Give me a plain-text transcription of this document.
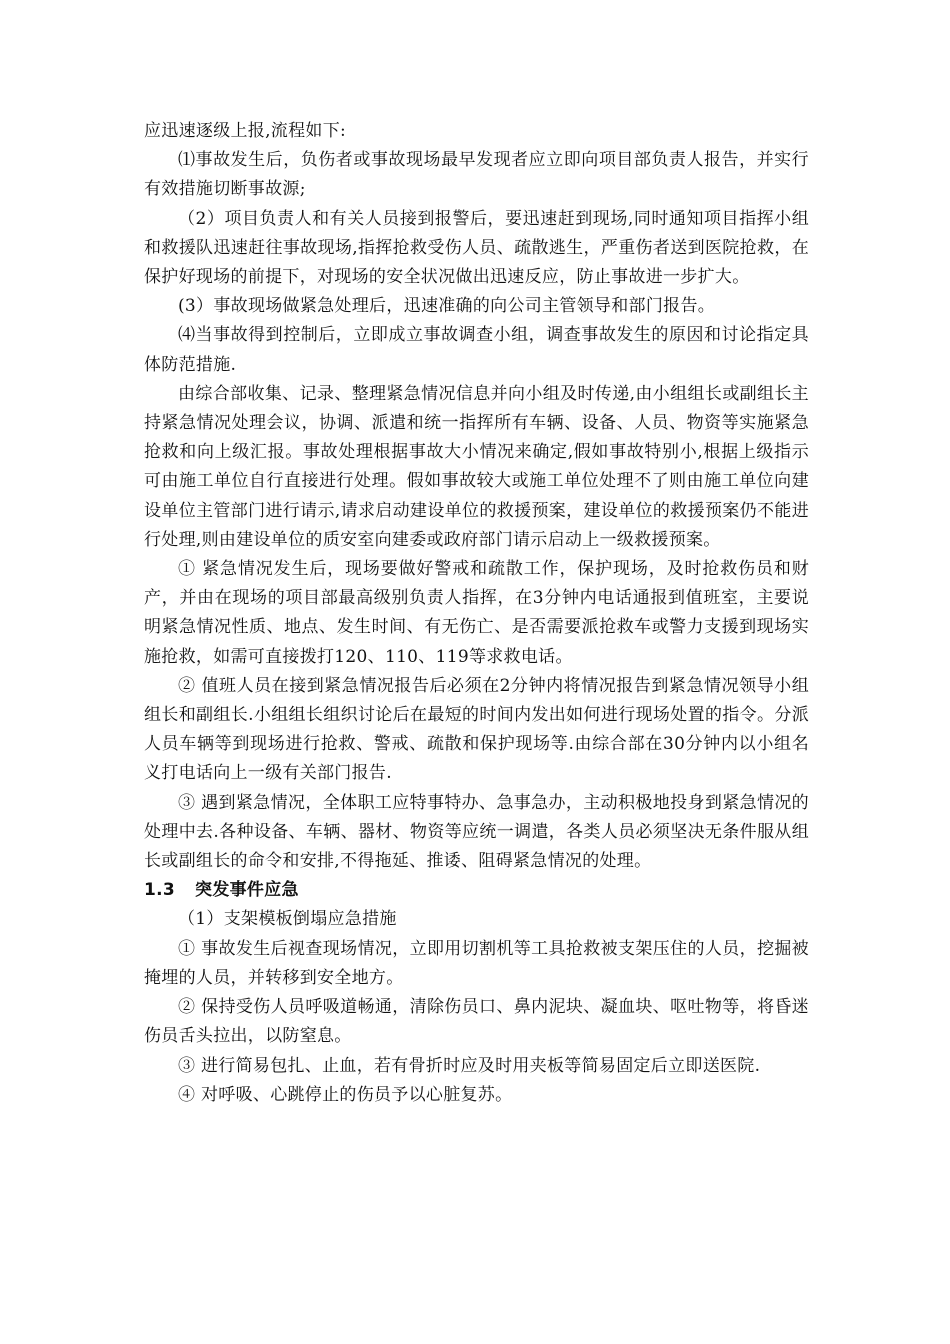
应迅速逐级上报,流程如下:

⑴事故发生后，负伤者或事故现场最早发现者应立即向项目部负责人报告，并实行有效措施切断事故源;

（2）项目负责人和有关人员接到报警后，要迅速赶到现场,同时通知项目指挥小组和救援队迅速赶往事故现场,指挥抢救受伤人员、疏散逃生，严重伤者送到医院抢救，在保护好现场的前提下，对现场的安全状况做出迅速反应，防止事故进一步扩大。

(3）事故现场做紧急处理后，迅速准确的向公司主管领导和部门报告。

⑷当事故得到控制后，立即成立事故调查小组，调查事故发生的原因和讨论指定具体防范措施.

由综合部收集、记录、整理紧急情况信息并向小组及时传递,由小组组长或副组长主持紧急情况处理会议，协调、派遣和统一指挥所有车辆、设备、人员、物资等实施紧急抢救和向上级汇报。事故处理根据事故大小情况来确定,假如事故特别小,根据上级指示可由施工单位自行直接进行处理。假如事故较大或施工单位处理不了则由施工单位向建设单位主管部门进行请示,请求启动建设单位的救援预案，建设单位的救援预案仍不能进行处理,则由建设单位的质安室向建委或政府部门请示启动上一级救援预案。

① 紧急情况发生后，现场要做好警戒和疏散工作，保护现场，及时抢救伤员和财产，并由在现场的项目部最高级别负责人指挥，在3分钟内电话通报到值班室，主要说明紧急情况性质、地点、发生时间、有无伤亡、是否需要派抢救车或警力支援到现场实施抢救，如需可直接拨打120、110、119等求救电话。

② 值班人员在接到紧急情况报告后必须在2分钟内将情况报告到紧急情况领导小组组长和副组长.小组组长组织讨论后在最短的时间内发出如何进行现场处置的指令。分派人员车辆等到现场进行抢救、警戒、疏散和保护现场等.由综合部在30分钟内以小组名义打电话向上一级有关部门报告.

③ 遇到紧急情况，全体职工应特事特办、急事急办，主动积极地投身到紧急情况的处理中去.各种设备、车辆、器材、物资等应统一调遣，各类人员必须坚决无条件服从组长或副组长的命令和安排,不得拖延、推诿、阻碍紧急情况的处理。

1.3 突发事件应急

（1）支架模板倒塌应急措施

① 事故发生后视查现场情况，立即用切割机等工具抢救被支架压住的人员，挖掘被掩埋的人员，并转移到安全地方。

② 保持受伤人员呼吸道畅通，清除伤员口、鼻内泥块、凝血块、呕吐物等，将昏迷伤员舌头拉出，以防窒息。

③ 进行简易包扎、止血，若有骨折时应及时用夹板等简易固定后立即送医院.

④ 对呼吸、心跳停止的伤员予以心脏复苏。
